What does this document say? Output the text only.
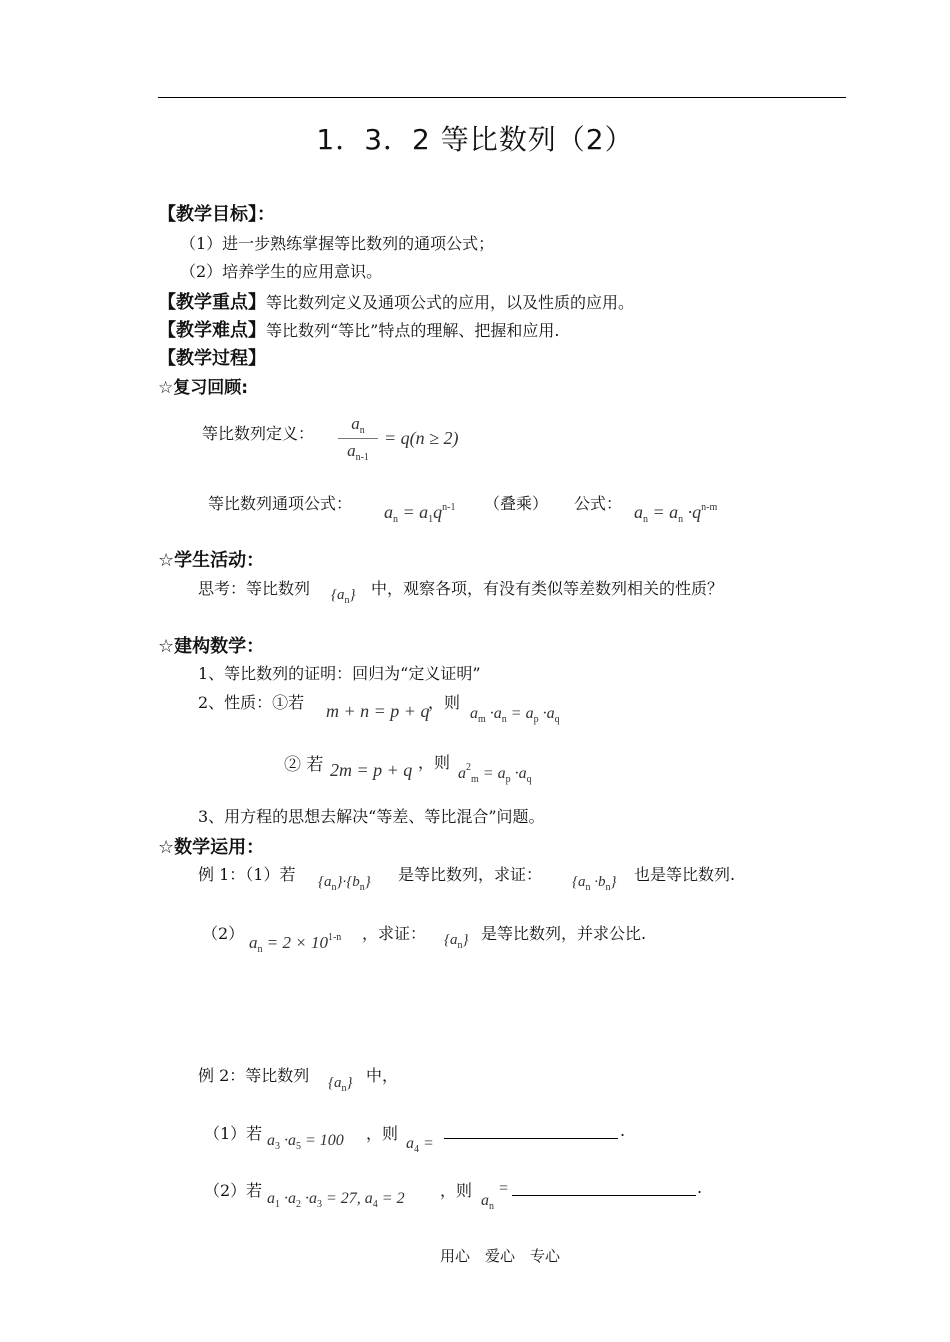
1．3．2 等比数列（2）
【教学目标】：
（1）进一步熟练掌握等比数列的通项公式；
（2）培养学生的应用意识。
【教学重点】等比数列定义及通项公式的应用，以及性质的应用。
【教学难点】等比数列“等比”特点的理解、把握和应用.
【教学过程】
☆复习回顾:
等比数列定义：
$a_n$
$a_{n-1}$
= q(n ≥ 2)
等比数列通项公式： $a_n = a_1q^{n-1}$ （叠乘） 公式： $a_n = a_n \cdot q^{n-m}$
☆学生活动：
思考：等比数列 $\{a_n\}$ 中，观察各项，有没有类似等差数列相关的性质？
☆建构数学：
1、等比数列的证明：回归为“定义证明”
2、性质：①若 m + n = p + q
，则
$a_m \cdot a_n = a_p \cdot a_q$
② 若 2m = p + q ，则
$a^2_m = a_p \cdot a_q$
3、用方程的思想去解决“等差、等比混合”问题。
☆数学运用：
例 1：（1）若 $\{a_n\}\cdot\{b_n\}$ 是等比数列，求证： $\{a_n \cdot b_n\}$ 也是等比数列.
（2） $a_n = 2 \times 10^{1-n}$ ，求证： $\{a_n\}$ 是等比数列，并求公比.
例 2：等比数列 $\{a_n\}$ 中，
（1）若 $a_3 \cdot a_5 = 100$ ，则
$a_4$ =
.
（2）若 $a_1 \cdot a_2 \cdot a_3 = 27$, $a_4 = 2$ ，则
$a_n=$	.
用心　爱心　专心
